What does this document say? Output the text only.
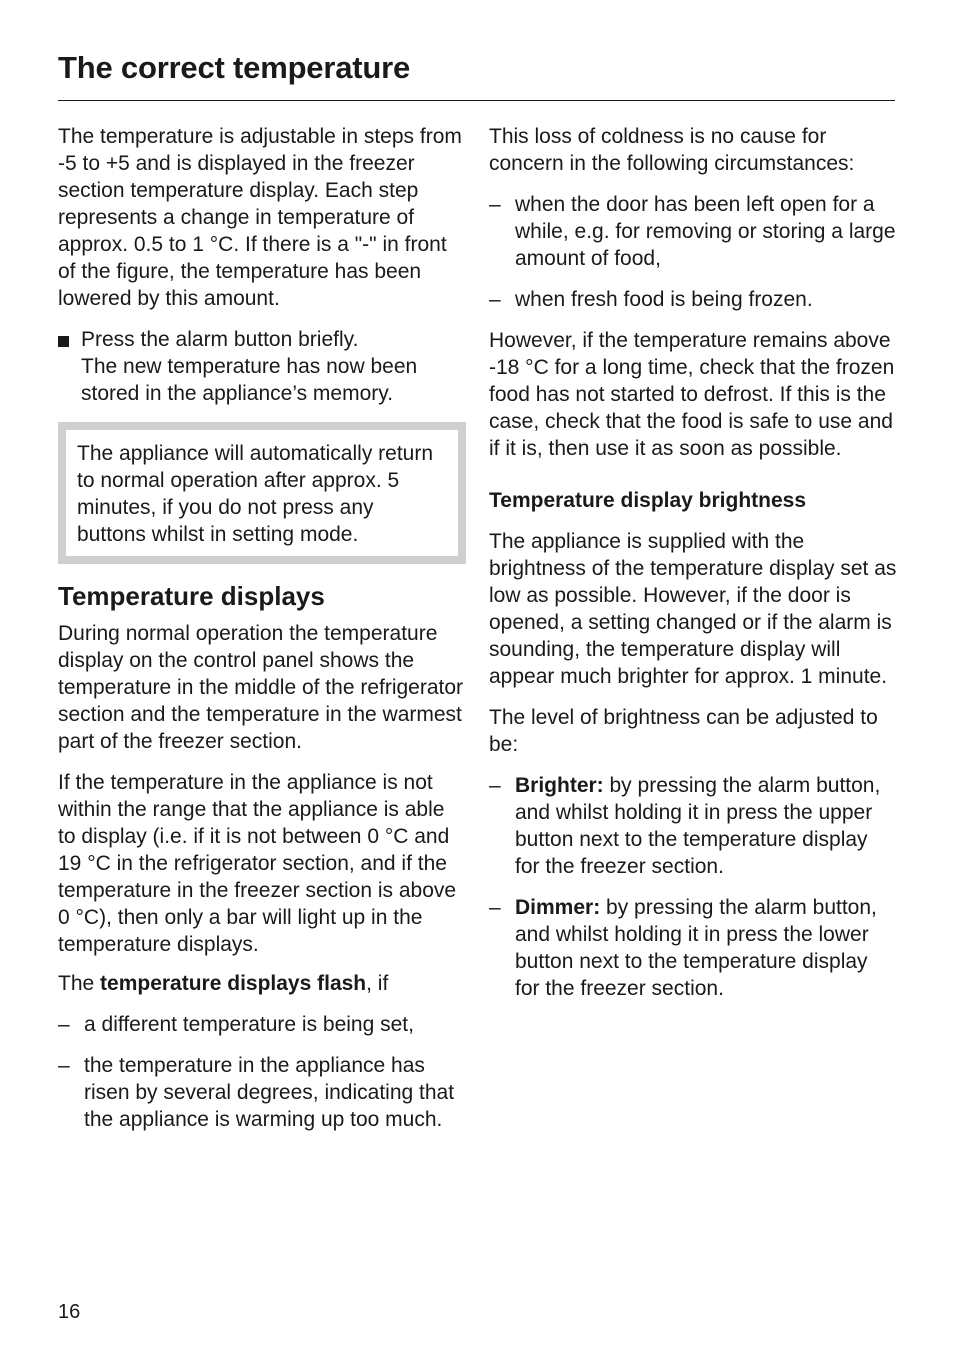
The correct temperature

The temperature is adjustable in steps from -5 to +5 and is displayed in the freezer section temperature display. Each step represents a change in temperature of approx. 0.5 to 1 °C. If there is a "-" in front of the figure, the temperature has been lowered by this amount.

Press the alarm button briefly.
The new temperature has now been stored in the appliance’s memory.

The appliance will automatically return to normal operation after approx. 5 minutes, if you do not press any buttons whilst in setting mode.

Temperature displays

During normal operation the temperature display on the control panel shows the temperature in the middle of the refrigerator section and the temperature in the warmest part of the freezer section.

If the temperature in the appliance is not within the range that the appliance is able to display (i.e. if it is not between 0 °C and 19 °C in the refrigerator section, and if the temperature in the freezer section is above 0 °C), then only a bar will light up in the temperature displays.

The temperature displays flash, if

– a different temperature is being set,
– the temperature in the appliance has risen by several degrees, indicating that the appliance is warming up too much.

This loss of coldness is no cause for concern in the following circumstances:

– when the door has been left open for a while, e.g. for removing or storing a large amount of food,
– when fresh food is being frozen.

However, if the temperature remains above -18 °C for a long time, check that the frozen food has not started to defrost. If this is the case, check that the food is safe to use and if it is, then use it as soon as possible.

Temperature display brightness

The appliance is supplied with the brightness of the temperature display set as low as possible. However, if the door is opened, a setting changed or if the alarm is sounding, the temperature display will appear much brighter for approx. 1 minute.

The level of brightness can be adjusted to be:

– Brighter: by pressing the alarm button, and whilst holding it in press the upper button next to the temperature display for the freezer section.
– Dimmer: by pressing the alarm button, and whilst holding it in press the lower button next to the temperature display for the freezer section.
16
